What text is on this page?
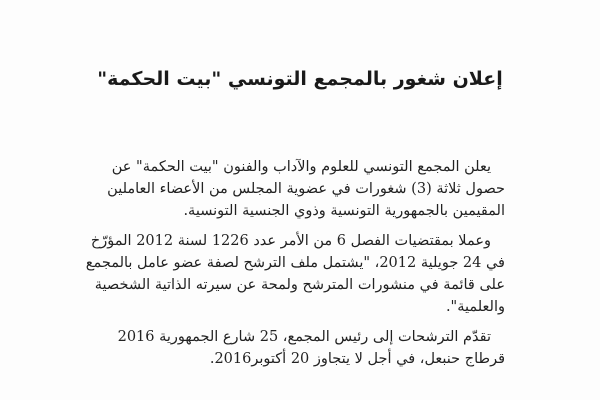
إعلان شغور بالمجمع التونسي "بيت الحكمة"

يعلن المجمع التونسي للعلوم والآداب والفنون "بيت الحكمة" عن
حصول ثلاثة (3) شغورات في عضوية المجلس من الأعضاء العاملين
المقيمين بالجمهورية التونسية وذوي الجنسية التونسية.

وعملا بمقتضيات الفصل 6 من الأمر عدد 1226 لسنة 2012 المؤرّخ
في 24 جويلية 2012، "يشتمل ملف الترشح لصفة عضو عامل بالمجمع
على قائمة في منشورات المترشح ولمحة عن سيرته الذاتية الشخصية
والعلمية".

تقدّم الترشحات إلى رئيس المجمع، 25 شارع الجمهورية 2016
قرطاج حنبعل، في أجل لا يتجاوز 20 أكتوبر2016.
